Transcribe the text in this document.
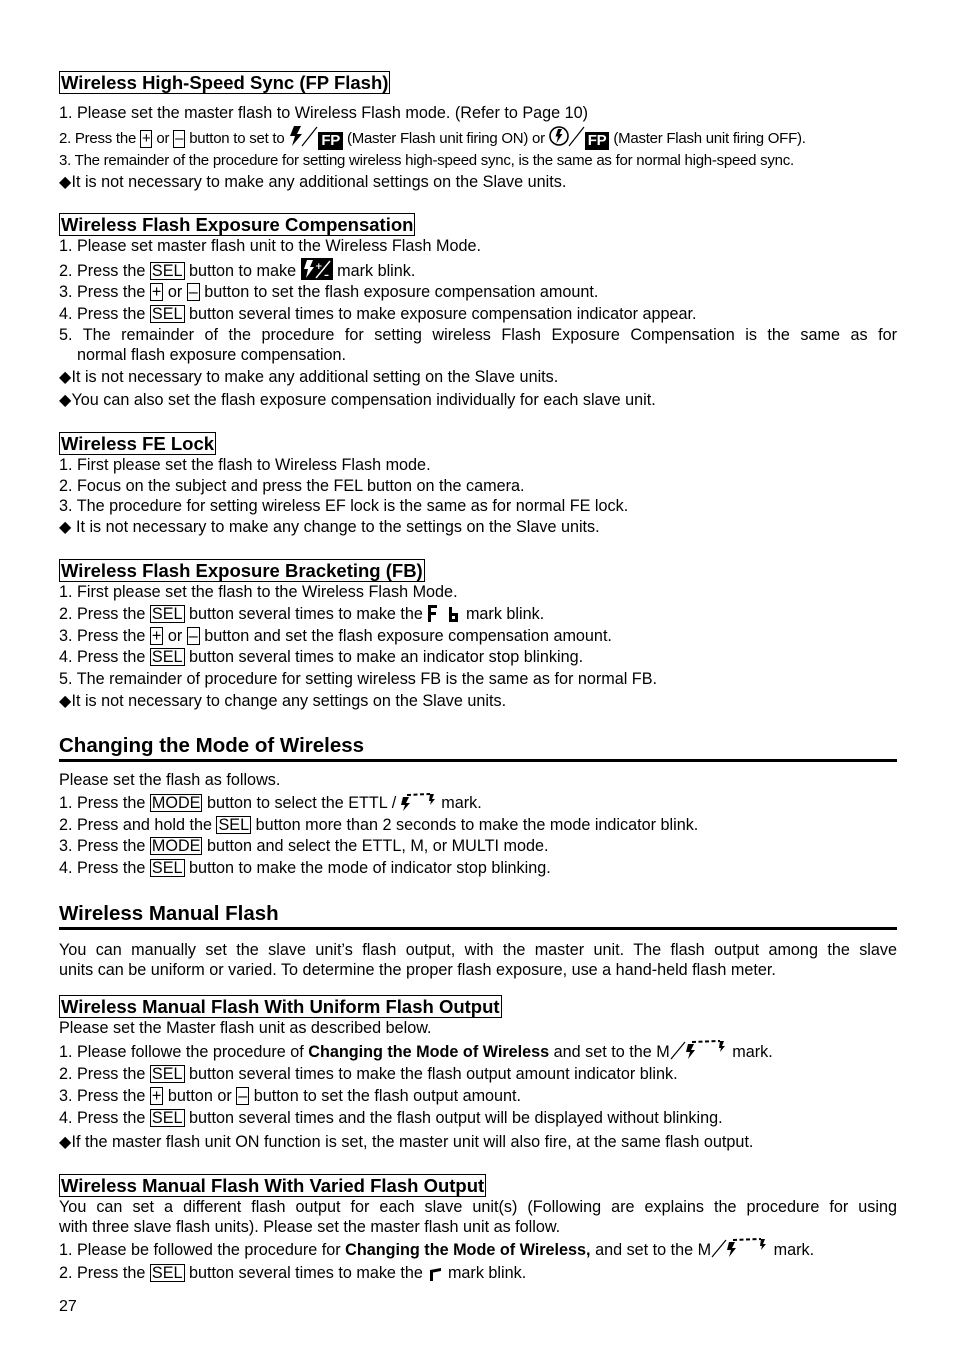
Wireless High-Speed Sync (FP Flash)
1. Please set the master flash to Wireless Flash mode. (Refer to Page 10)
2. Press the + or – button to set to FP (Master Flash unit firing ON) or	FP (Master Flash unit firing OFF).
3. The remainder of the procedure for setting wireless high-speed sync, is the same as for normal high-speed sync.
◆It is not necessary to make any additional settings on the Slave units.
Wireless Flash Exposure Compensation
1. Please set master flash unit to the Wireless Flash Mode.
2. Press the SEL button to make +
– mark blink.
3. Press the + or – button to set the flash exposure compensation amount.
4. Press the SEL button several times to make exposure compensation indicator appear.
5. The remainder of the procedure for setting wireless Flash Exposure Compensation is the same as for
normal flash exposure compensation.
◆It is not necessary to make any additional setting on the Slave units.
◆You can also set the flash exposure compensation individually for each slave unit.
Wireless FE Lock
1. First please set the flash to Wireless Flash mode.
2. Focus on the subject and press the FEL button on the camera.
3. The procedure for setting wireless EF lock is the same as for normal FE lock.
◆ It is not necessary to make any change to the settings on the Slave units.
Wireless Flash Exposure Bracketing (FB)
1. First please set the flash to the Wireless Flash Mode.
2. Press the SEL button several times to make the	mark blink.
3. Press the + or – button and set the flash exposure compensation amount.
4. Press the SEL button several times to make an indicator stop blinking.
5. The remainder of procedure for setting wireless FB is the same as for normal FB.
◆It is not necessary to change any settings on the Slave units.
Changing the Mode of Wireless
Please set the flash as follows.
1. Press the MODE button to select the ETTL /	mark.
2. Press and hold the SEL button more than 2 seconds to make the mode indicator blink.
3. Press the MODE button and select the ETTL, M, or MULTI mode.
4. Press the SEL button to make the mode of indicator stop blinking.
Wireless Manual Flash
You can manually set the slave unit’s flash output, with the master unit. The flash output among the slave
units can be uniform or varied. To determine the proper flash exposure, use a hand-held flash meter.
Wireless Manual Flash With Uniform Flash Output
Please set the Master flash unit as described below.
1. Please followe the procedure of Changing the Mode of Wireless and set to the M	mark.
2. Press the SEL button several times to make the flash output amount indicator blink.
3. Press the + button or – button to set the flash output amount.
4. Press the SEL button several times and the flash output will be displayed without blinking.
◆If the master flash unit ON function is set, the master unit will also fire, at the same flash output.
Wireless Manual Flash With Varied Flash Output
You can set a different flash output for each slave unit(s) (Following are explains the procedure for using
with three slave flash units). Please set the master flash unit as follow.
1. Please be followed the procedure for Changing the Mode of Wireless, and set to the M	mark.
2. Press the SEL button several times to make the mark blink.
27
